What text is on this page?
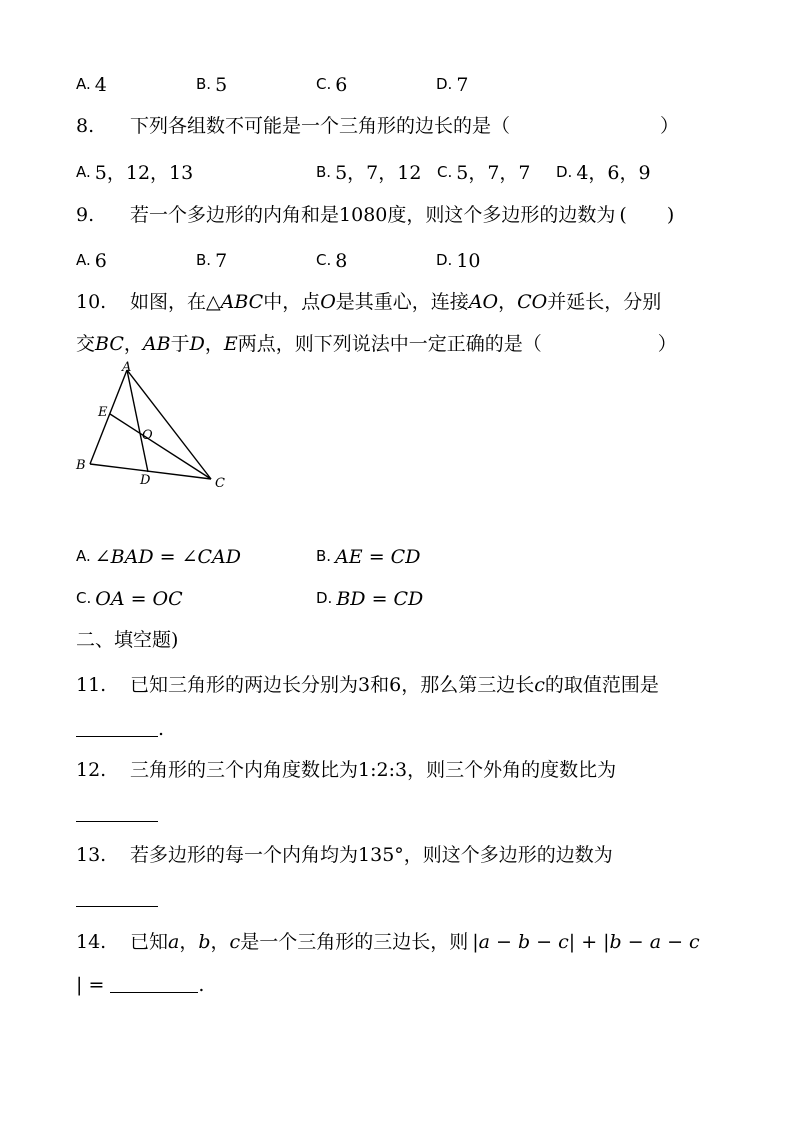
A. 4	B. 5	C. 6	D. 7
8. 下列各组数不可能是一个三角形的边长的是（	）
A. 5，12，13	B. 5，7，12 C. 5，7，7 D. 4，6，9
9. 若一个多边形的内角和是1080度，则这个多边形的边数为 ( )
A. 6	B. 7	C. 8	D. 10
10. 如图，在△ABC中，点O是其重心，连接AO，CO并延长，分别
交BC，AB于D，E两点，则下列说法中一定正确的是（	）
A
B
C
D
E
O
A. ∠BAD = ∠CAD	B. AE = CD
C. OA = OC	D. BD = CD
二、填空题)
11. 已知三角形的两边长分别为3和6，那么第三边长c的取值范围是
.
12. 三角形的三个内角度数比为1:2:3，则三个外角的度数比为
13. 若多边形的每一个内角均为135°，则这个多边形的边数为
14. 已知a，b，c是一个三角形的三边长，则 |a − b − c| + |b − a − c
| =	.
